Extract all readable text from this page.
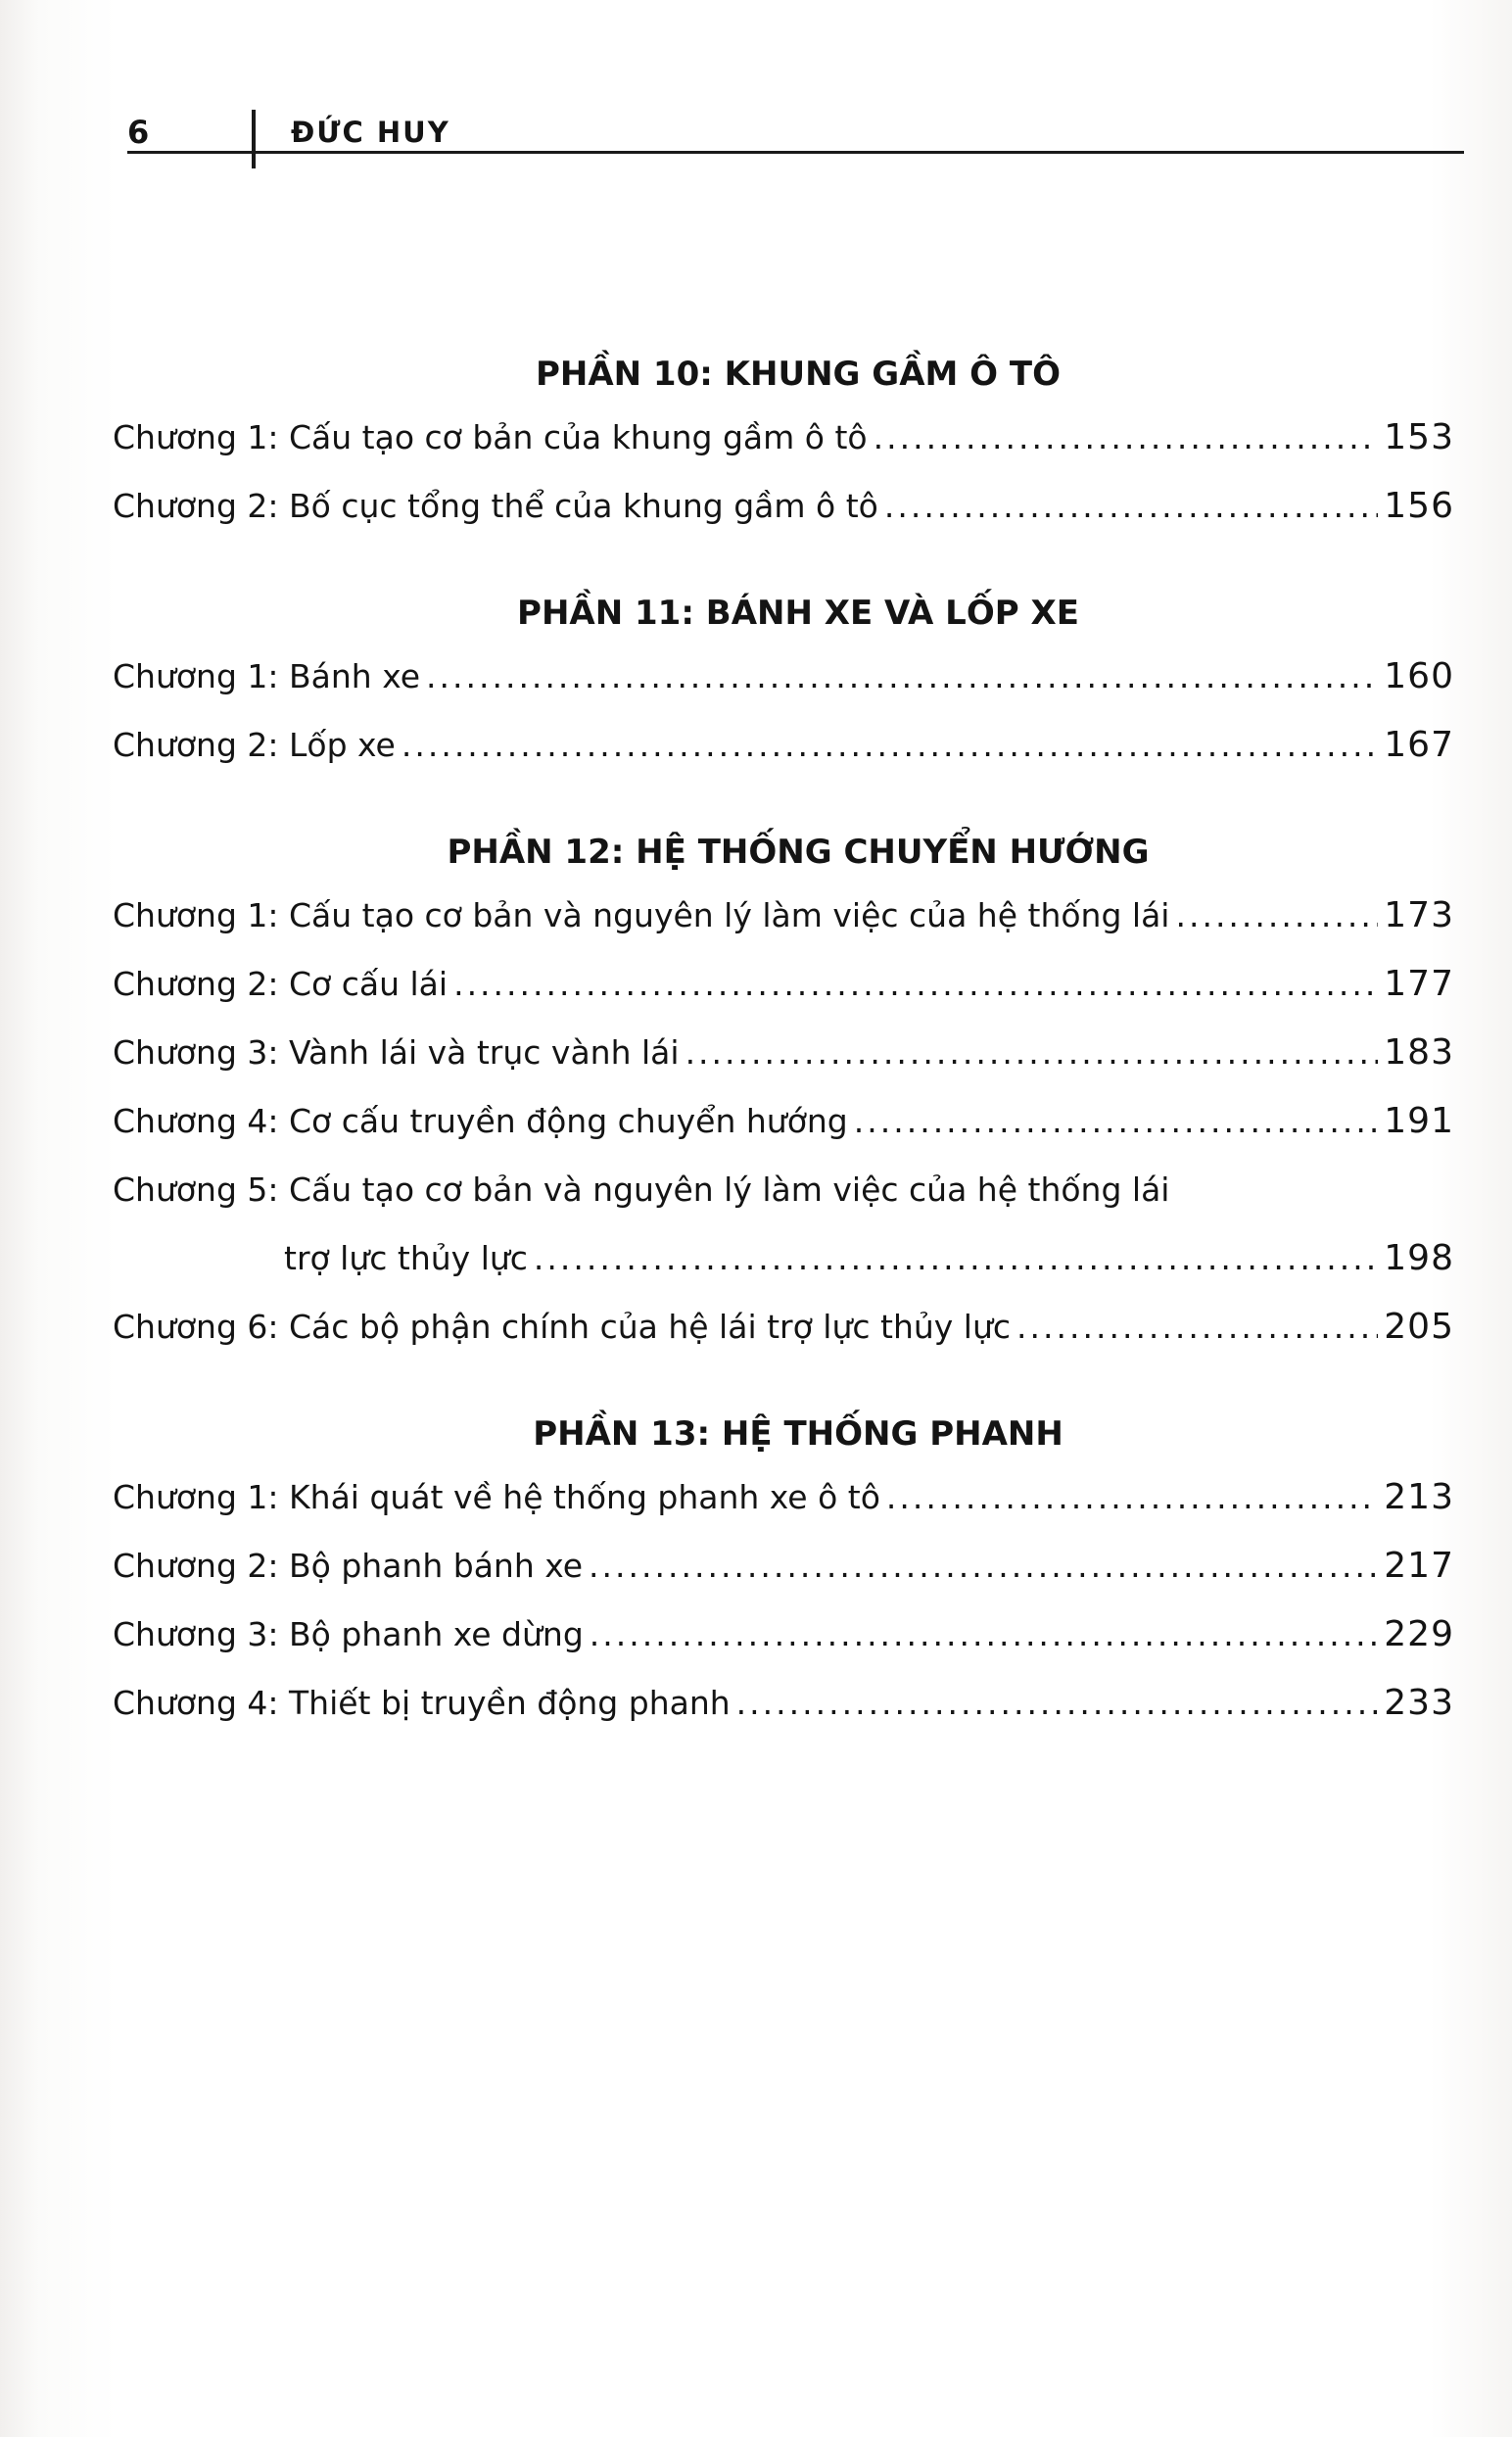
6	ĐỨC HUY
PHẦN 10: KHUNG GẦM Ô TÔ
Chương 1: Cấu tạo cơ bản của khung gầm ô tô .....	153
Chương 2: Bố cục tổng thể của khung gầm ô tô .....	156
PHẦN 11: BÁNH XE VÀ LỐP XE
Chương 1: Bánh xe .....	160
Chương 2: Lốp xe .....	167
PHẦN 12: HỆ THỐNG CHUYỂN HƯỚNG
Chương 1: Cấu tạo cơ bản và nguyên lý làm việc của hệ thống lái .....	173
Chương 2: Cơ cấu lái .....	177
Chương 3: Vành lái và trục vành lái .....	183
Chương 4: Cơ cấu truyền động chuyển hướng .....	191
Chương 5: Cấu tạo cơ bản và nguyên lý làm việc của hệ thống lái
trợ lực thủy lực .....	198
Chương 6: Các bộ phận chính của hệ lái trợ lực thủy lực .....	205
PHẦN 13: HỆ THỐNG PHANH
Chương 1: Khái quát về hệ thống phanh xe ô tô .....	213
Chương 2: Bộ phanh bánh xe .....	217
Chương 3: Bộ phanh xe dừng .....	229
Chương 4: Thiết bị truyền động phanh .....	233
